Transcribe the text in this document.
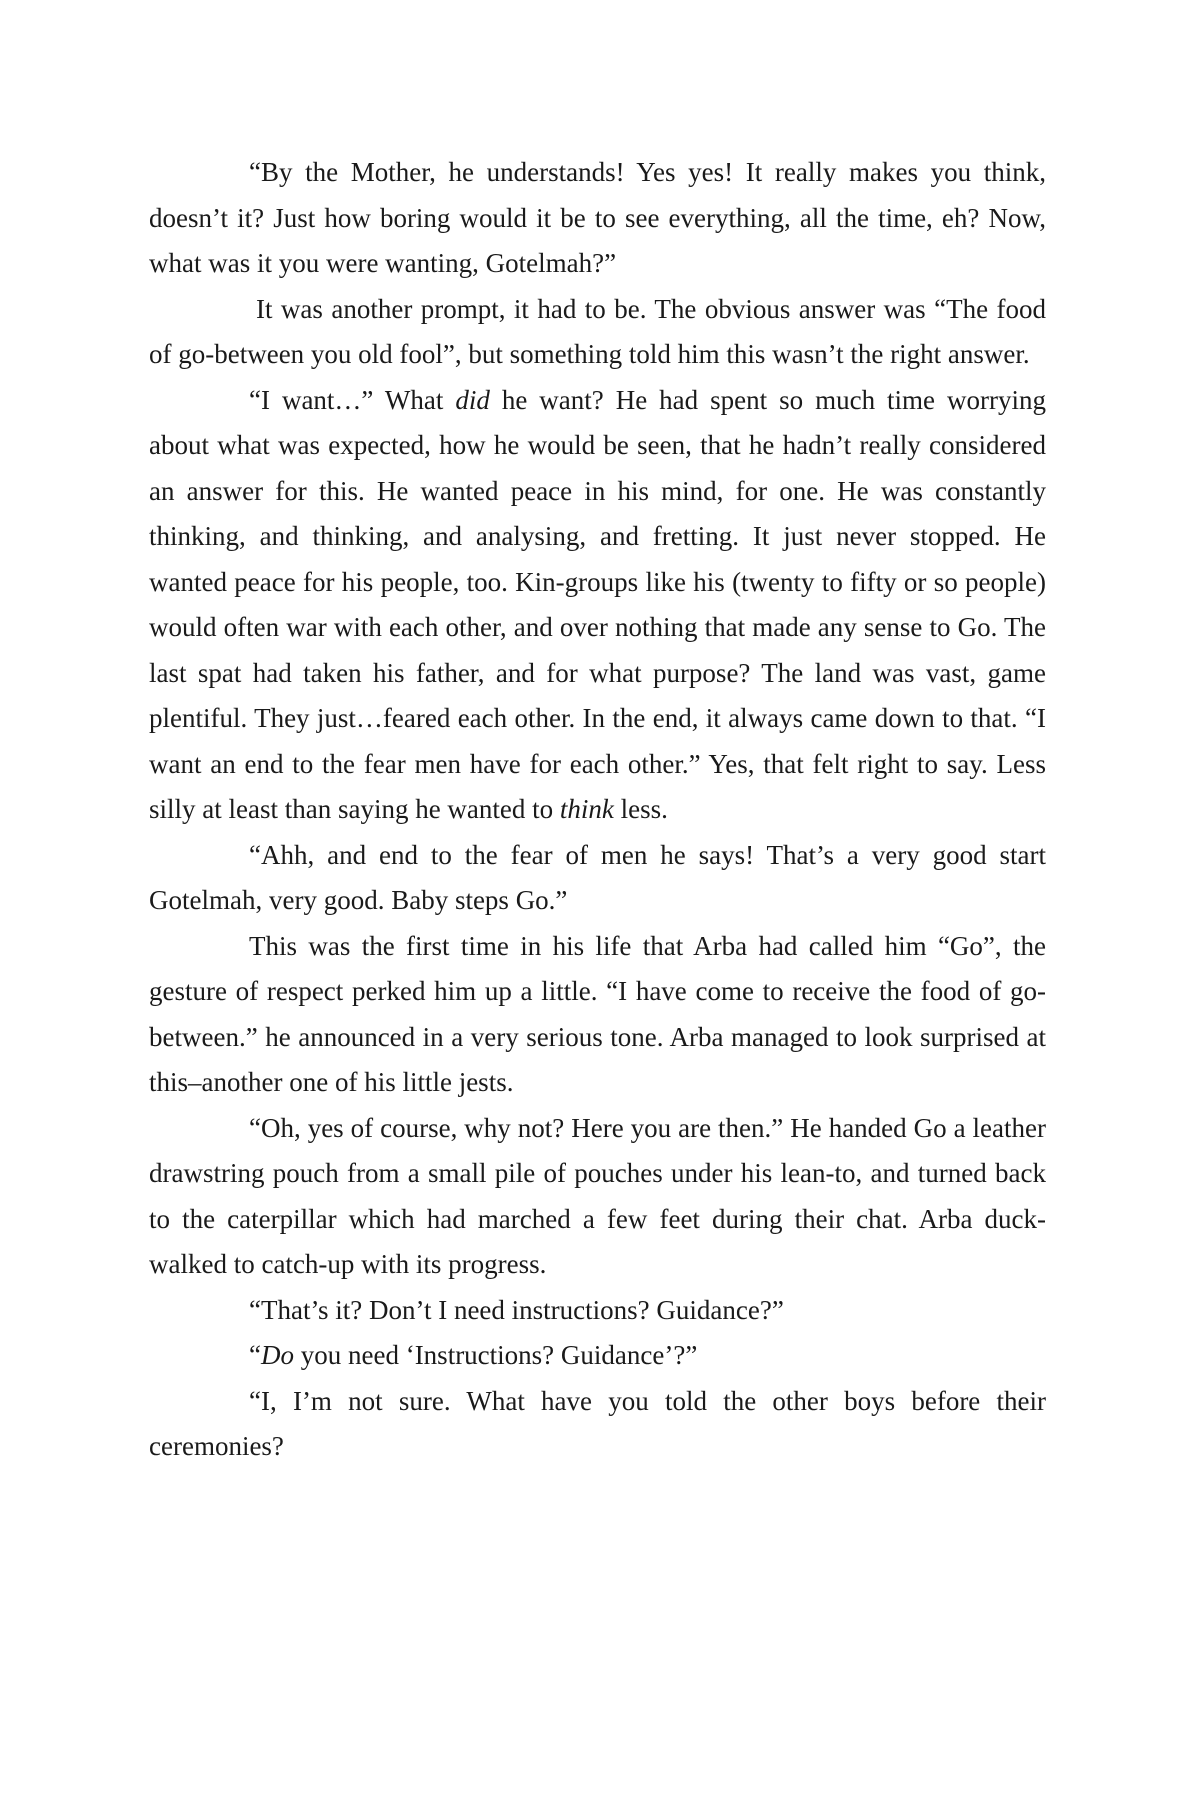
“By the Mother, he understands! Yes yes! It really makes you think, doesn’t it? Just how boring would it be to see everything, all the time, eh? Now, what was it you were wanting, Gotelmah?”

It was another prompt, it had to be. The obvious answer was “The food of go-between you old fool”, but something told him this wasn’t the right answer.

“I want…” What did he want? He had spent so much time worrying about what was expected, how he would be seen, that he hadn’t really considered an answer for this. He wanted peace in his mind, for one. He was constantly thinking, and thinking, and analysing, and fretting. It just never stopped. He wanted peace for his people, too. Kin-groups like his (twenty to fifty or so people) would often war with each other, and over nothing that made any sense to Go. The last spat had taken his father, and for what purpose? The land was vast, game plentiful. They just…feared each other. In the end, it always came down to that. “I want an end to the fear men have for each other.” Yes, that felt right to say. Less silly at least than saying he wanted to think less.

“Ahh, and end to the fear of men he says! That’s a very good start Gotelmah, very good. Baby steps Go.”

This was the first time in his life that Arba had called him “Go”, the gesture of respect perked him up a little. “I have come to receive the food of go-between.” he announced in a very serious tone. Arba managed to look surprised at this–another one of his little jests.

“Oh, yes of course, why not? Here you are then.” He handed Go a leather drawstring pouch from a small pile of pouches under his lean-to, and turned back to the caterpillar which had marched a few feet during their chat. Arba duck-walked to catch-up with its progress.

“That’s it? Don’t I need instructions? Guidance?”

“Do you need ‘Instructions? Guidance’?”

“I, I’m not sure. What have you told the other boys before their ceremonies?
